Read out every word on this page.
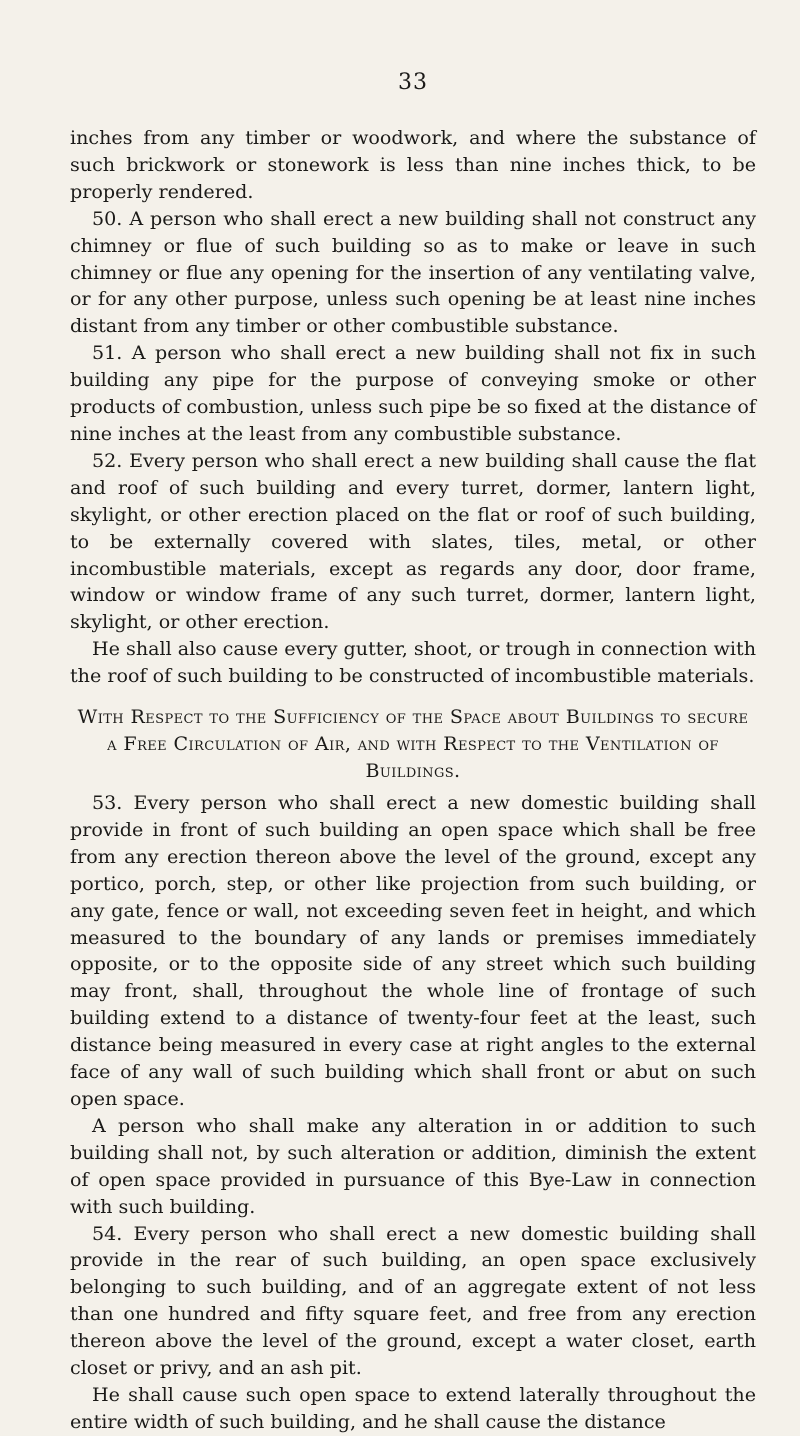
33

inches from any timber or woodwork, and where the substance of such brickwork or stonework is less than nine inches thick, to be properly rendered.

50. A person who shall erect a new building shall not construct any chimney or flue of such building so as to make or leave in such chimney or flue any opening for the insertion of any ventilating valve, or for any other purpose, unless such opening be at least nine inches distant from any timber or other combustible substance.

51. A person who shall erect a new building shall not fix in such building any pipe for the purpose of conveying smoke or other products of combustion, unless such pipe be so fixed at the distance of nine inches at the least from any combustible substance.

52. Every person who shall erect a new building shall cause the flat and roof of such building and every turret, dormer, lantern light, skylight, or other erection placed on the flat or roof of such building, to be externally covered with slates, tiles, metal, or other incombustible materials, except as regards any door, door frame, window or window frame of any such turret, dormer, lantern light, skylight, or other erection.

He shall also cause every gutter, shoot, or trough in connection with the roof of such building to be constructed of incombustible materials.

With Respect to the Sufficiency of the Space about Buildings to secure a Free Circulation of Air, and with Respect to the Ventilation of Buildings.

53. Every person who shall erect a new domestic building shall provide in front of such building an open space which shall be free from any erection thereon above the level of the ground, except any portico, porch, step, or other like projection from such building, or any gate, fence or wall, not exceeding seven feet in height, and which measured to the boundary of any lands or premises immediately opposite, or to the opposite side of any street which such building may front, shall, throughout the whole line of frontage of such building extend to a distance of twenty-four feet at the least, such distance being measured in every case at right angles to the external face of any wall of such building which shall front or abut on such open space.

A person who shall make any alteration in or addition to such building shall not, by such alteration or addition, diminish the extent of open space provided in pursuance of this Bye-Law in connection with such building.

54. Every person who shall erect a new domestic building shall provide in the rear of such building, an open space exclusively belonging to such building, and of an aggregate extent of not less than one hundred and fifty square feet, and free from any erection thereon above the level of the ground, except a water closet, earth closet or privy, and an ash pit.

He shall cause such open space to extend laterally throughout the entire width of such building, and he shall cause the distance
